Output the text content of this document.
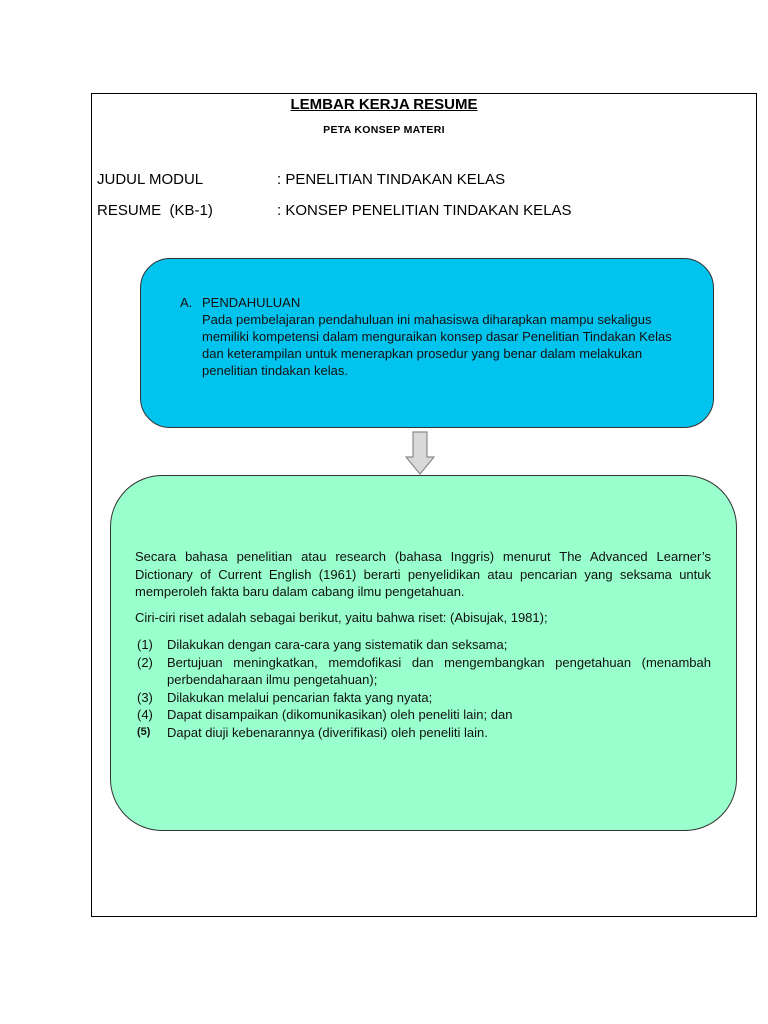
LEMBAR KERJA RESUME
PETA KONSEP MATERI
JUDUL MODUL	: PENELITIAN TINDAKAN KELAS
RESUME  (KB-1)	: KONSEP PENELITIAN TINDAKAN KELAS
A. PENDAHULUAN
Pada pembelajaran pendahuluan ini mahasiswa diharapkan mampu sekaligus memiliki kompetensi dalam menguraikan konsep dasar Penelitian Tindakan Kelas dan keterampilan untuk menerapkan prosedur yang benar dalam melakukan penelitian tindakan kelas.

Secara bahasa penelitian atau research (bahasa Inggris) menurut The Advanced Learner’s Dictionary of Current English (1961) berarti penyelidikan atau pencarian yang seksama untuk memperoleh fakta baru dalam cabang ilmu pengetahuan.

Ciri-ciri riset adalah sebagai berikut, yaitu bahwa riset: (Abisujak, 1981);

(1)	Dilakukan dengan cara-cara yang sistematik dan seksama;
(2)	Bertujuan meningkatkan, memdofikasi dan mengembangkan pengetahuan (menambah perbendaharaan ilmu pengetahuan);
(3)	Dilakukan melalui pencarian fakta yang nyata;
(4)	Dapat disampaikan (dikomunikasikan) oleh peneliti lain; dan
(5)	Dapat diuji kebenarannya (diverifikasi) oleh peneliti lain.
